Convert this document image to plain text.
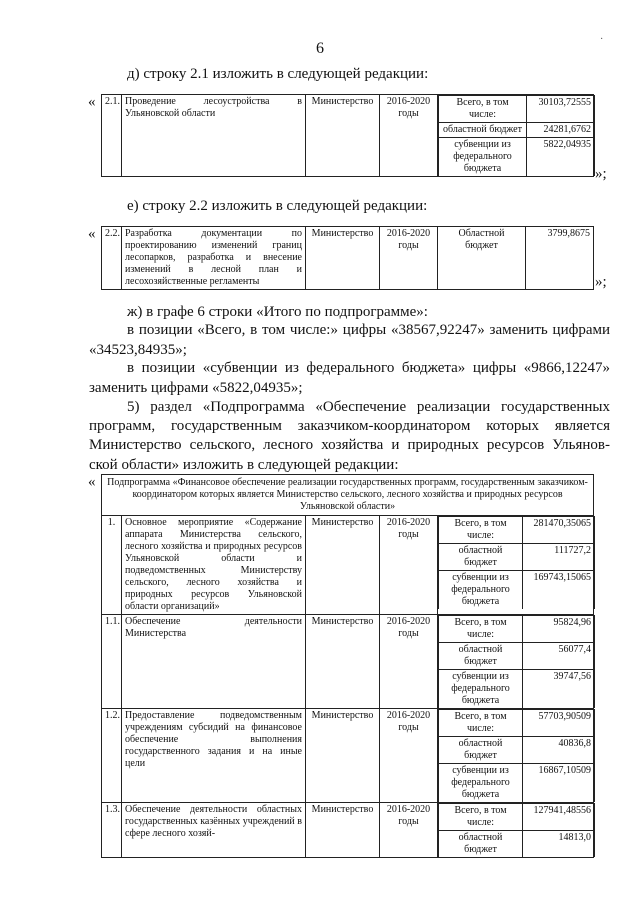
6
·
д) строку 2.1 изложить в следующей редакции:
« 2.1.	Проведение лесоустройства в Ульяновской области	Министерство	2016-2020 годы	
Всего, в том числе:	30103,72555
областной бюджет	24281,6762
субвенции из федерального бюджета	5822,04935
»;
е) строку 2.2 изложить в следующей редакции:
« 2.2.	Разработка документации по проектированию изменений границ лесопарков, разработка и внесение изменений в лесной план и лесохозяйственные регламенты	Министерство	2016-2020 годы	Областной бюджет	3799,8675
»;
ж) в графе 6 строки «Итого по подпрограмме»:
в позиции «Всего, в том числе:» цифры «38567,92247» заменить цифрами
«34523,84935»;
в позиции «субвенции из федерального бюджета» цифры «9866,12247»
заменить цифрами «5822,04935»;
5) раздел «Подпрограмма «Обеспечение реализации государственных
программ, государственным заказчиком-координатором которых является
Министерство сельского, лесного хозяйства и природных ресурсов Ульянов-
ской области» изложить в следующей редакции:
« Подпрограмма «Финансовое обеспечение реализации государственных программ, государственным заказчиком-координатором которых является Министерство сельского, лесного хозяйства и природных ресурсов Ульяновской области»
1.	Основное мероприятие «Содержание аппарата Министерства сельского, лесного хозяйства и природных ресурсов Ульяновской области и подведомственных Министерству сельского, лесного хозяйства и природных ресурсов Ульяновской области организаций»	Министерство	2016-2020 годы	
Всего, в том числе:	281470,35065
областной бюджет	111727,2
субвенции из федерального бюджета	169743,15065

1.1.	Обеспечение деятельности Министерства	Министерство	2016-2020 годы	
Всего, в том числе:	95824,96
областной бюджет	56077,4
субвенции из федерального бюджета	39747,56

1.2.	Предоставление подведомственным учреждениям субсидий на финансовое обеспечение выполнения государственного задания и на иные цели	Министерство	2016-2020 годы	
Всего, в том числе:	57703,90509
областной бюджет	40836,8
субвенции из федерального бюджета	16867,10509

1.3.	Обеспечение деятельности областных государственных казённых учреждений в сфере лесного хозяй-	Министерство	2016-2020 годы	
Всего, в том числе:	127941,48556
областной бюджет	14813,0
